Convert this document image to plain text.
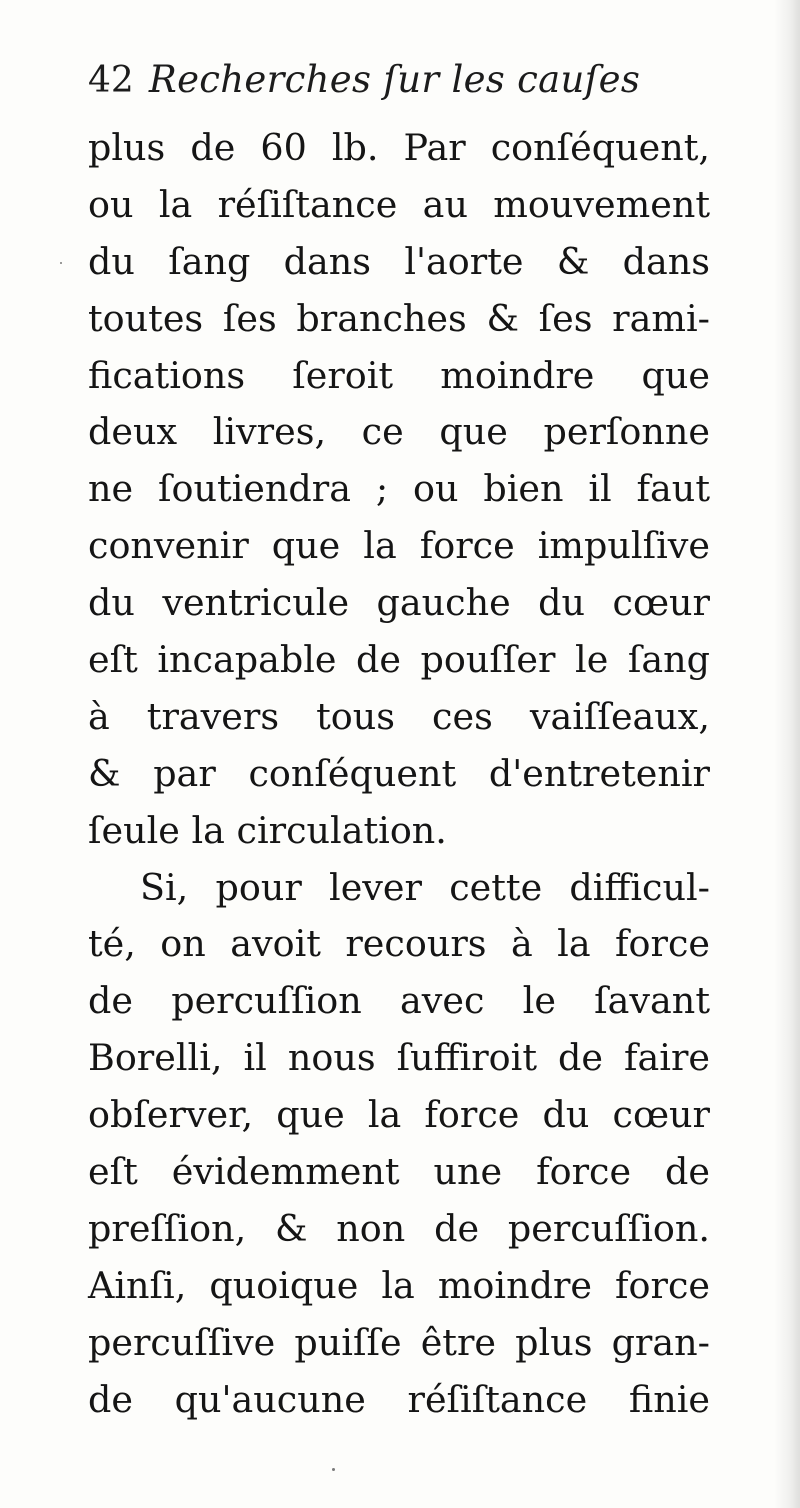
42 Recherches ſur les cauſes
plus de 60 lb. Par conſéquent,
ou la réſiſtance au mouvement
du ſang dans l'aorte & dans
toutes ſes branches & ſes rami-
fications ſeroit moindre que
deux livres, ce que perſonne
ne ſoutiendra ; ou bien il faut
convenir que la force impulſive
du ventricule gauche du cœur
eſt incapable de pouſſer le ſang
à travers tous ces vaiſſeaux,
& par conſéquent d'entretenir
ſeule la circulation.
Si, pour lever cette difficul-
té, on avoit recours à la force
de percuſſion avec le ſavant
Borelli, il nous ſuffiroit de faire
obſerver, que la force du cœur
eſt évidemment une force de
preſſion, & non de percuſſion.
Ainſi, quoique la moindre force
percuſſive puiſſe être plus gran-
de qu'aucune réſiſtance finie
